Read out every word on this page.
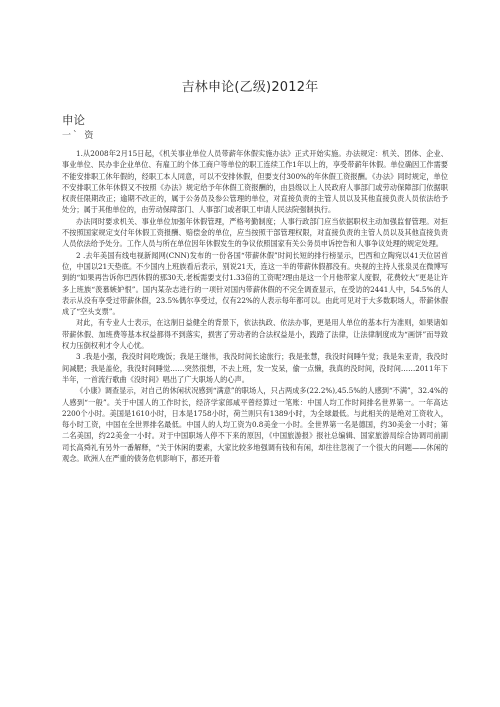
吉林申论(乙级)2012年
申论
一` 资

1.从2008年2月15日起，《机关事业单位人员带薪年休假实施办法》正式开始实施。办法规定：机关、团体、企业、事业单位、民办非企业单位、有雇工的个体工商户等单位的职工连续工作1年以上的，享受带薪年休假。单位确因工作需要不能安排职工休年假的，经职工本人同意，可以不安排休假，但要支付300%的年休假工资报酬。《办法》同时规定，单位不安排职工休年休假又不按照《办法》规定给予年休假工资报酬的，由县级以上人民政府人事部门或劳动保障部门依据职权责任限期改正；逾期不改正的，属于公务员及参公管理的单位，对直接负责的主管人员以及其他直接负责人员依法给予处分；属于其他单位的，由劳动保障部门、人事部门或者职工申请人民法院强制执行。

办法同时要求机关、事业单位加强年休假管理，严格考勤制度；人事行政部门应当依据职权主动加强监督管理。对拒不按照国家规定支付年休假工资报酬、赔偿金的单位，应当按照干部管理权限，对直接负责的主管人员以及其他直接负责人员依法给予处分。工作人员与所在单位因年休假发生的争议依照国家有关公务员申诉控告和人事争议处理的规定处理。

2 .去年美国有线电视新闻网(CNN)发布的一份各国“带薪休假”时间长短的排行榜显示，巴西和立陶宛以41天位居首位，中国以21天垫底。不少国内上班族看后表示，别说21天，连这一半的带薪休假都没有。央视的主持人张泉灵在微博写到的“如果再告诉你巴西休假的那30天,老板需要支付1.33倍的工资呢?理由是这一个月他带家人度假，花费较大”更是让许多上班族“羡慕嫉妒恨”。国内某杂志进行的一项针对国内带薪休假的不完全调查显示，在受访的2441人中，54.5%的人表示从没有享受过带薪休假，23.5%偶尔享受过，仅有22%的人表示每年都可以。由此可见对于大多数职场人，带薪休假成了“空头支票”。

对此，有专业人士表示，在这制日益健全的背景下，依法执政、依法办事，更是用人单位的基本行为准则，如果诸如带薪休假、加班费等基本权益都得不到落实，损害了劳动者的合法权益是小，践踏了法律，让法律制度成为“画饼”而导致权力压倒权利才令人心忧。

3 .我是小强，我没时间吃晚饭；我是王继伟，我没时间长途旅行；我是张慧，我没时间睡午觉；我是朱亚青，我没时间减肥；我是盖伦，我没时间睡觉……突然很想，不去上班，发一发呆，偷一点懒，我真的没时间，没时间……2011年下半年，一首流行歌曲《没时间》唱出了广大职场人的心声。

《小康》调查显示，对自己的休闲状况感到“满意”的职场人，只占两成多(22.2%),45.5%的人感到“不满”，32.4%的人感到“一般”。关于中国人的工作时长，经济学家郎咸平曾经算过一笔账：中国人均工作时间排名世界第一。一年高达2200个小时。美国是1610小时，日本是1758小时，荷兰则只有1389小时，为全球最低。与此相关的是绝对工资收入，每小时工资，中国在全世界排名最低。中国人的人均工资为0.8美金一小时。全世界第一名是德国，约30美金一小时；第二名美国，约22美金一小时。对于中国职场人停不下来的原因，《中国旅游报》报社总编辑、国家旅游局综合协调司前副司长高舜礼有另外一番解释，“关于休闲的要素，大家比较多地强调有钱和有闲，却往往忽视了一个很大的问题——休闲的观念。欧洲人在严重的债务危机影响下，都还开着
